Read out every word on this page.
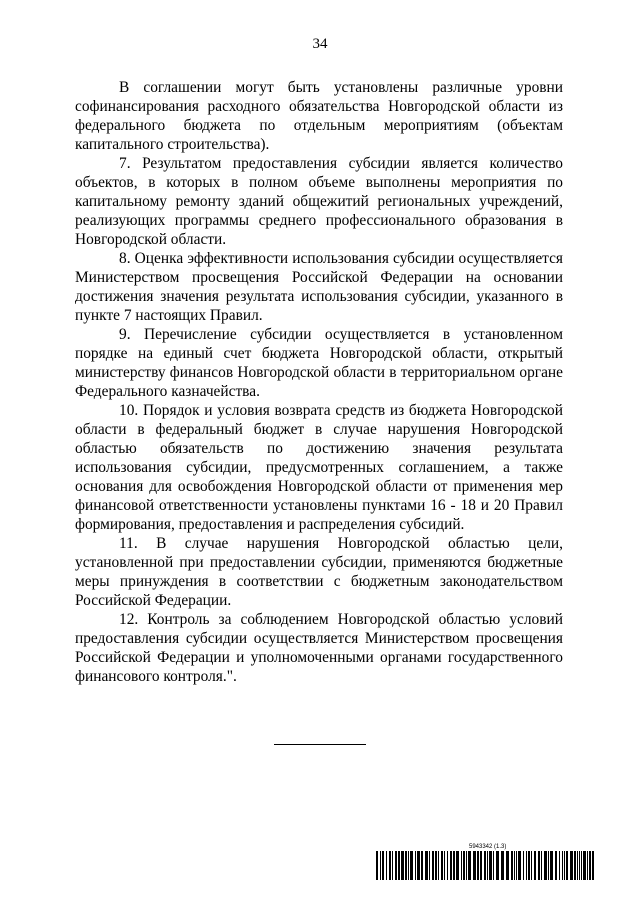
34

В соглашении могут быть установлены различные уровни софинансирования расходного обязательства Новгородской области из федерального бюджета по отдельным мероприятиям (объектам капитального строительства).

7. Результатом предоставления субсидии является количество объектов, в которых в полном объеме выполнены мероприятия по капитальному ремонту зданий общежитий региональных учреждений, реализующих программы среднего профессионального образования в Новгородской области.

8. Оценка эффективности использования субсидии осуществляется Министерством просвещения Российской Федерации на основании достижения значения результата использования субсидии, указанного в пункте 7 настоящих Правил.

9. Перечисление субсидии осуществляется в установленном порядке на единый счет бюджета Новгородской области, открытый министерству финансов Новгородской области в территориальном органе Федерального казначейства.

10. Порядок и условия возврата средств из бюджета Новгородской области в федеральный бюджет в случае нарушения Новгородской областью обязательств по достижению значения результата использования субсидии, предусмотренных соглашением, а также основания для освобождения Новгородской области от применения мер финансовой ответственности установлены пунктами 16 - 18 и 20 Правил формирования, предоставления и распределения субсидий.

11. В случае нарушения Новгородской областью цели, установленной при предоставлении субсидии, применяются бюджетные меры принуждения в соответствии с бюджетным законодательством Российской Федерации.

12. Контроль за соблюдением Новгородской областью условий предоставления субсидии осуществляется Министерством просвещения Российской Федерации и уполномоченными органами государственного финансового контроля.".

5943342 (1.3)
